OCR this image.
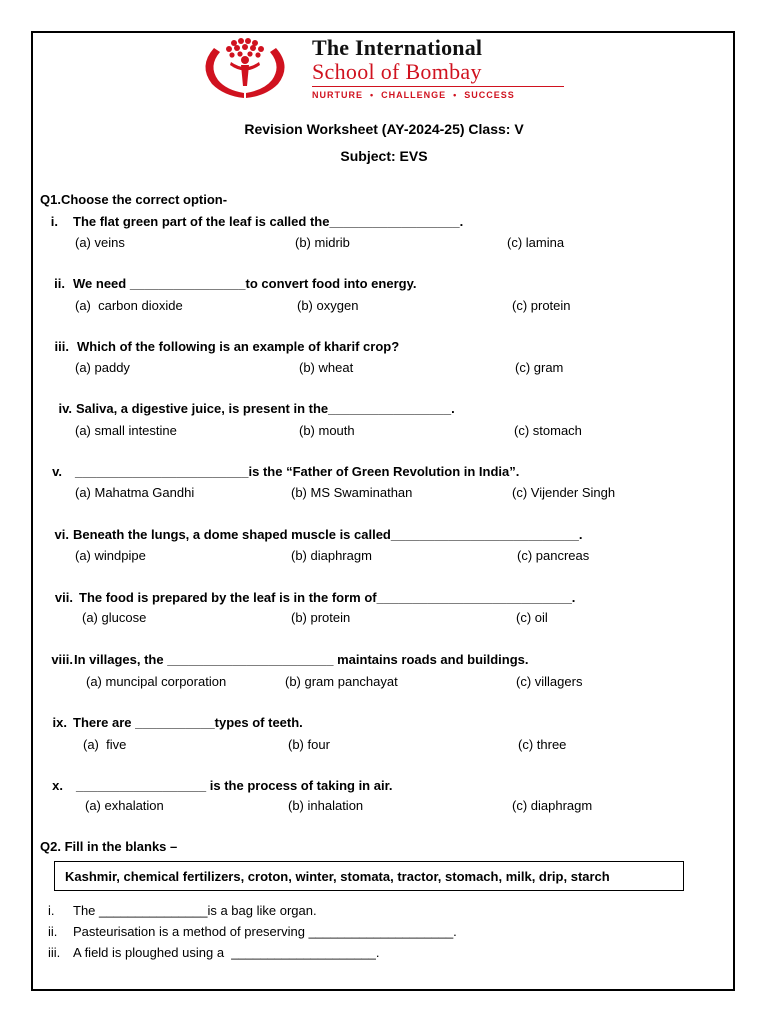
The International
School of Bombay
NURTURE  •  CHALLENGE  •  SUCCESS
Revision Worksheet (AY-2024-25) Class: V
Subject: EVS
Q1.Choose the correct option-
i. The flat green part of the leaf is called the__________________.
(a) veins	(b) midrib	(c) lamina
ii. We need ________________to convert food into energy.
(a)  carbon dioxide	(b) oxygen	(c) protein
iii. Which of the following is an example of kharif crop?
(a) paddy	(b) wheat	(c) gram
iv. Saliva, a digestive juice, is present in the_________________.
(a) small intestine	(b) mouth	(c) stomach
v. ________________________is the “Father of Green Revolution in India”.
(a) Mahatma Gandhi	(b) MS Swaminathan	(c) Vijender Singh
vi. Beneath the lungs, a dome shaped muscle is called__________________________.
(a) windpipe	(b) diaphragm	(c) pancreas
vii. The food is prepared by the leaf is in the form of___________________________.
(a) glucose	(b) protein	(c) oil
viii. In villages, the _______________________ maintains roads and buildings.
(a) muncipal corporation	(b) gram panchayat	(c) villagers
ix. There are ___________types of teeth.
(a)  five	(b) four	(c) three
x. __________________ is the process of taking in air.
(a) exhalation	(b) inhalation	(c) diaphragm
Q2. Fill in the blanks –
Kashmir, chemical fertilizers, croton, winter, stomata, tractor, stomach, milk, drip, starch
i. The _______________is a bag like organ.
ii. Pasteurisation is a method of preserving ____________________.
iii. A field is ploughed using a  ____________________.
